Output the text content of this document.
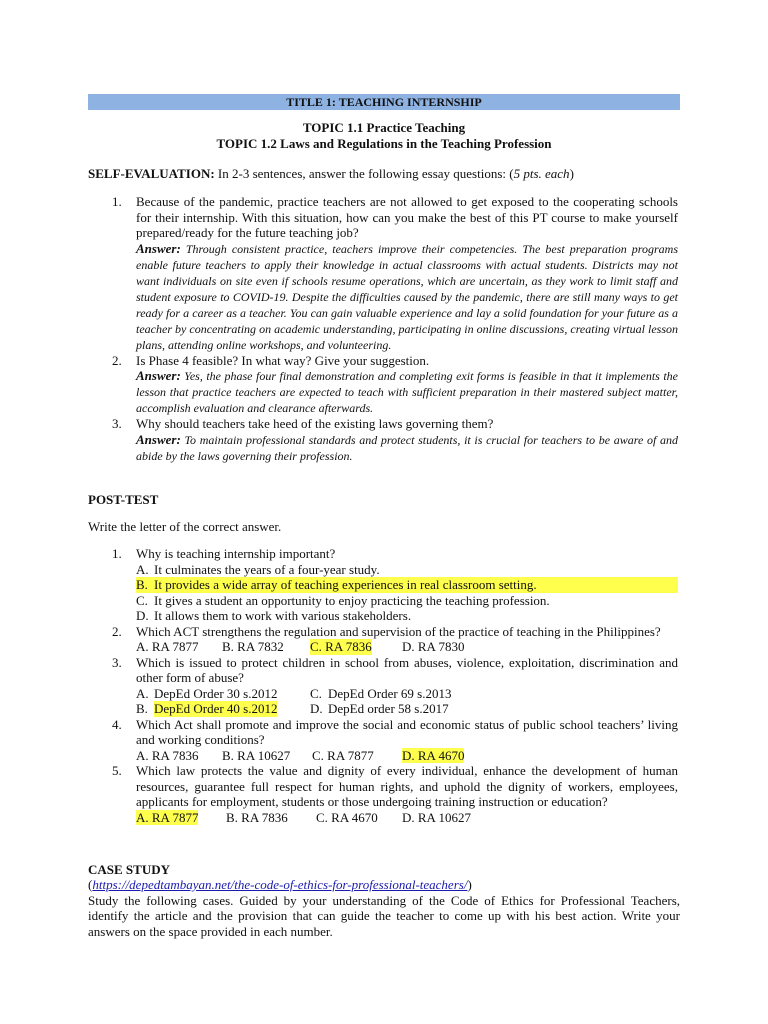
TITLE 1: TEACHING INTERNSHIP
TOPIC 1.1 Practice Teaching
TOPIC 1.2 Laws and Regulations in the Teaching Profession
SELF-EVALUATION: In 2-3 sentences, answer the following essay questions: (5 pts. each)
1. Because of the pandemic, practice teachers are not allowed to get exposed to the cooperating schools for their internship. With this situation, how can you make the best of this PT course to make yourself prepared/ready for the future teaching job?
Answer: Through consistent practice, teachers improve their competencies. The best preparation programs enable future teachers to apply their knowledge in actual classrooms with actual students. Districts may not want individuals on site even if schools resume operations, which are uncertain, as they work to limit staff and student exposure to COVID-19. Despite the difficulties caused by the pandemic, there are still many ways to get ready for a career as a teacher. You can gain valuable experience and lay a solid foundation for your future as a teacher by concentrating on academic understanding, participating in online discussions, creating virtual lesson plans, attending online workshops, and volunteering.
2. Is Phase 4 feasible? In what way? Give your suggestion.
Answer: Yes, the phase four final demonstration and completing exit forms is feasible in that it implements the lesson that practice teachers are expected to teach with sufficient preparation in their mastered subject matter, accomplish evaluation and clearance afterwards.
3. Why should teachers take heed of the existing laws governing them?
Answer: To maintain professional standards and protect students, it is crucial for teachers to be aware of and abide by the laws governing their profession.
POST-TEST
Write the letter of the correct answer.
1. Why is teaching internship important?
A. It culminates the years of a four-year study.
B. It provides a wide array of teaching experiences in real classroom setting.
C. It gives a student an opportunity to enjoy practicing the teaching profession.
D. It allows them to work with various stakeholders.
2. Which ACT strengthens the regulation and supervision of the practice of teaching in the Philippines?
A. RA 7877	B. RA 7832	C. RA 7836	D. RA 7830
3. Which is issued to protect children in school from abuses, violence, exploitation, discrimination and other form of abuse?
A. DepEd Order 30 s.2012	C. DepEd Order 69 s.2013
B. DepEd Order 40 s.2012	D. DepEd order 58 s.2017
4. Which Act shall promote and improve the social and economic status of public school teachers’ living and working conditions?
A. RA 7836	B. RA 10627	C. RA 7877	D. RA 4670
5. Which law protects the value and dignity of every individual, enhance the development of human resources, guarantee full respect for human rights, and uphold the dignity of workers, employees, applicants for employment, students or those undergoing training instruction or education?
A. RA 7877	B. RA 7836	C. RA 4670	D. RA 10627
CASE STUDY
(https://depedtambayan.net/the-code-of-ethics-for-professional-teachers/)
Study the following cases. Guided by your understanding of the Code of Ethics for Professional Teachers, identify the article and the provision that can guide the teacher to come up with his best action. Write your answers on the space provided in each number.
